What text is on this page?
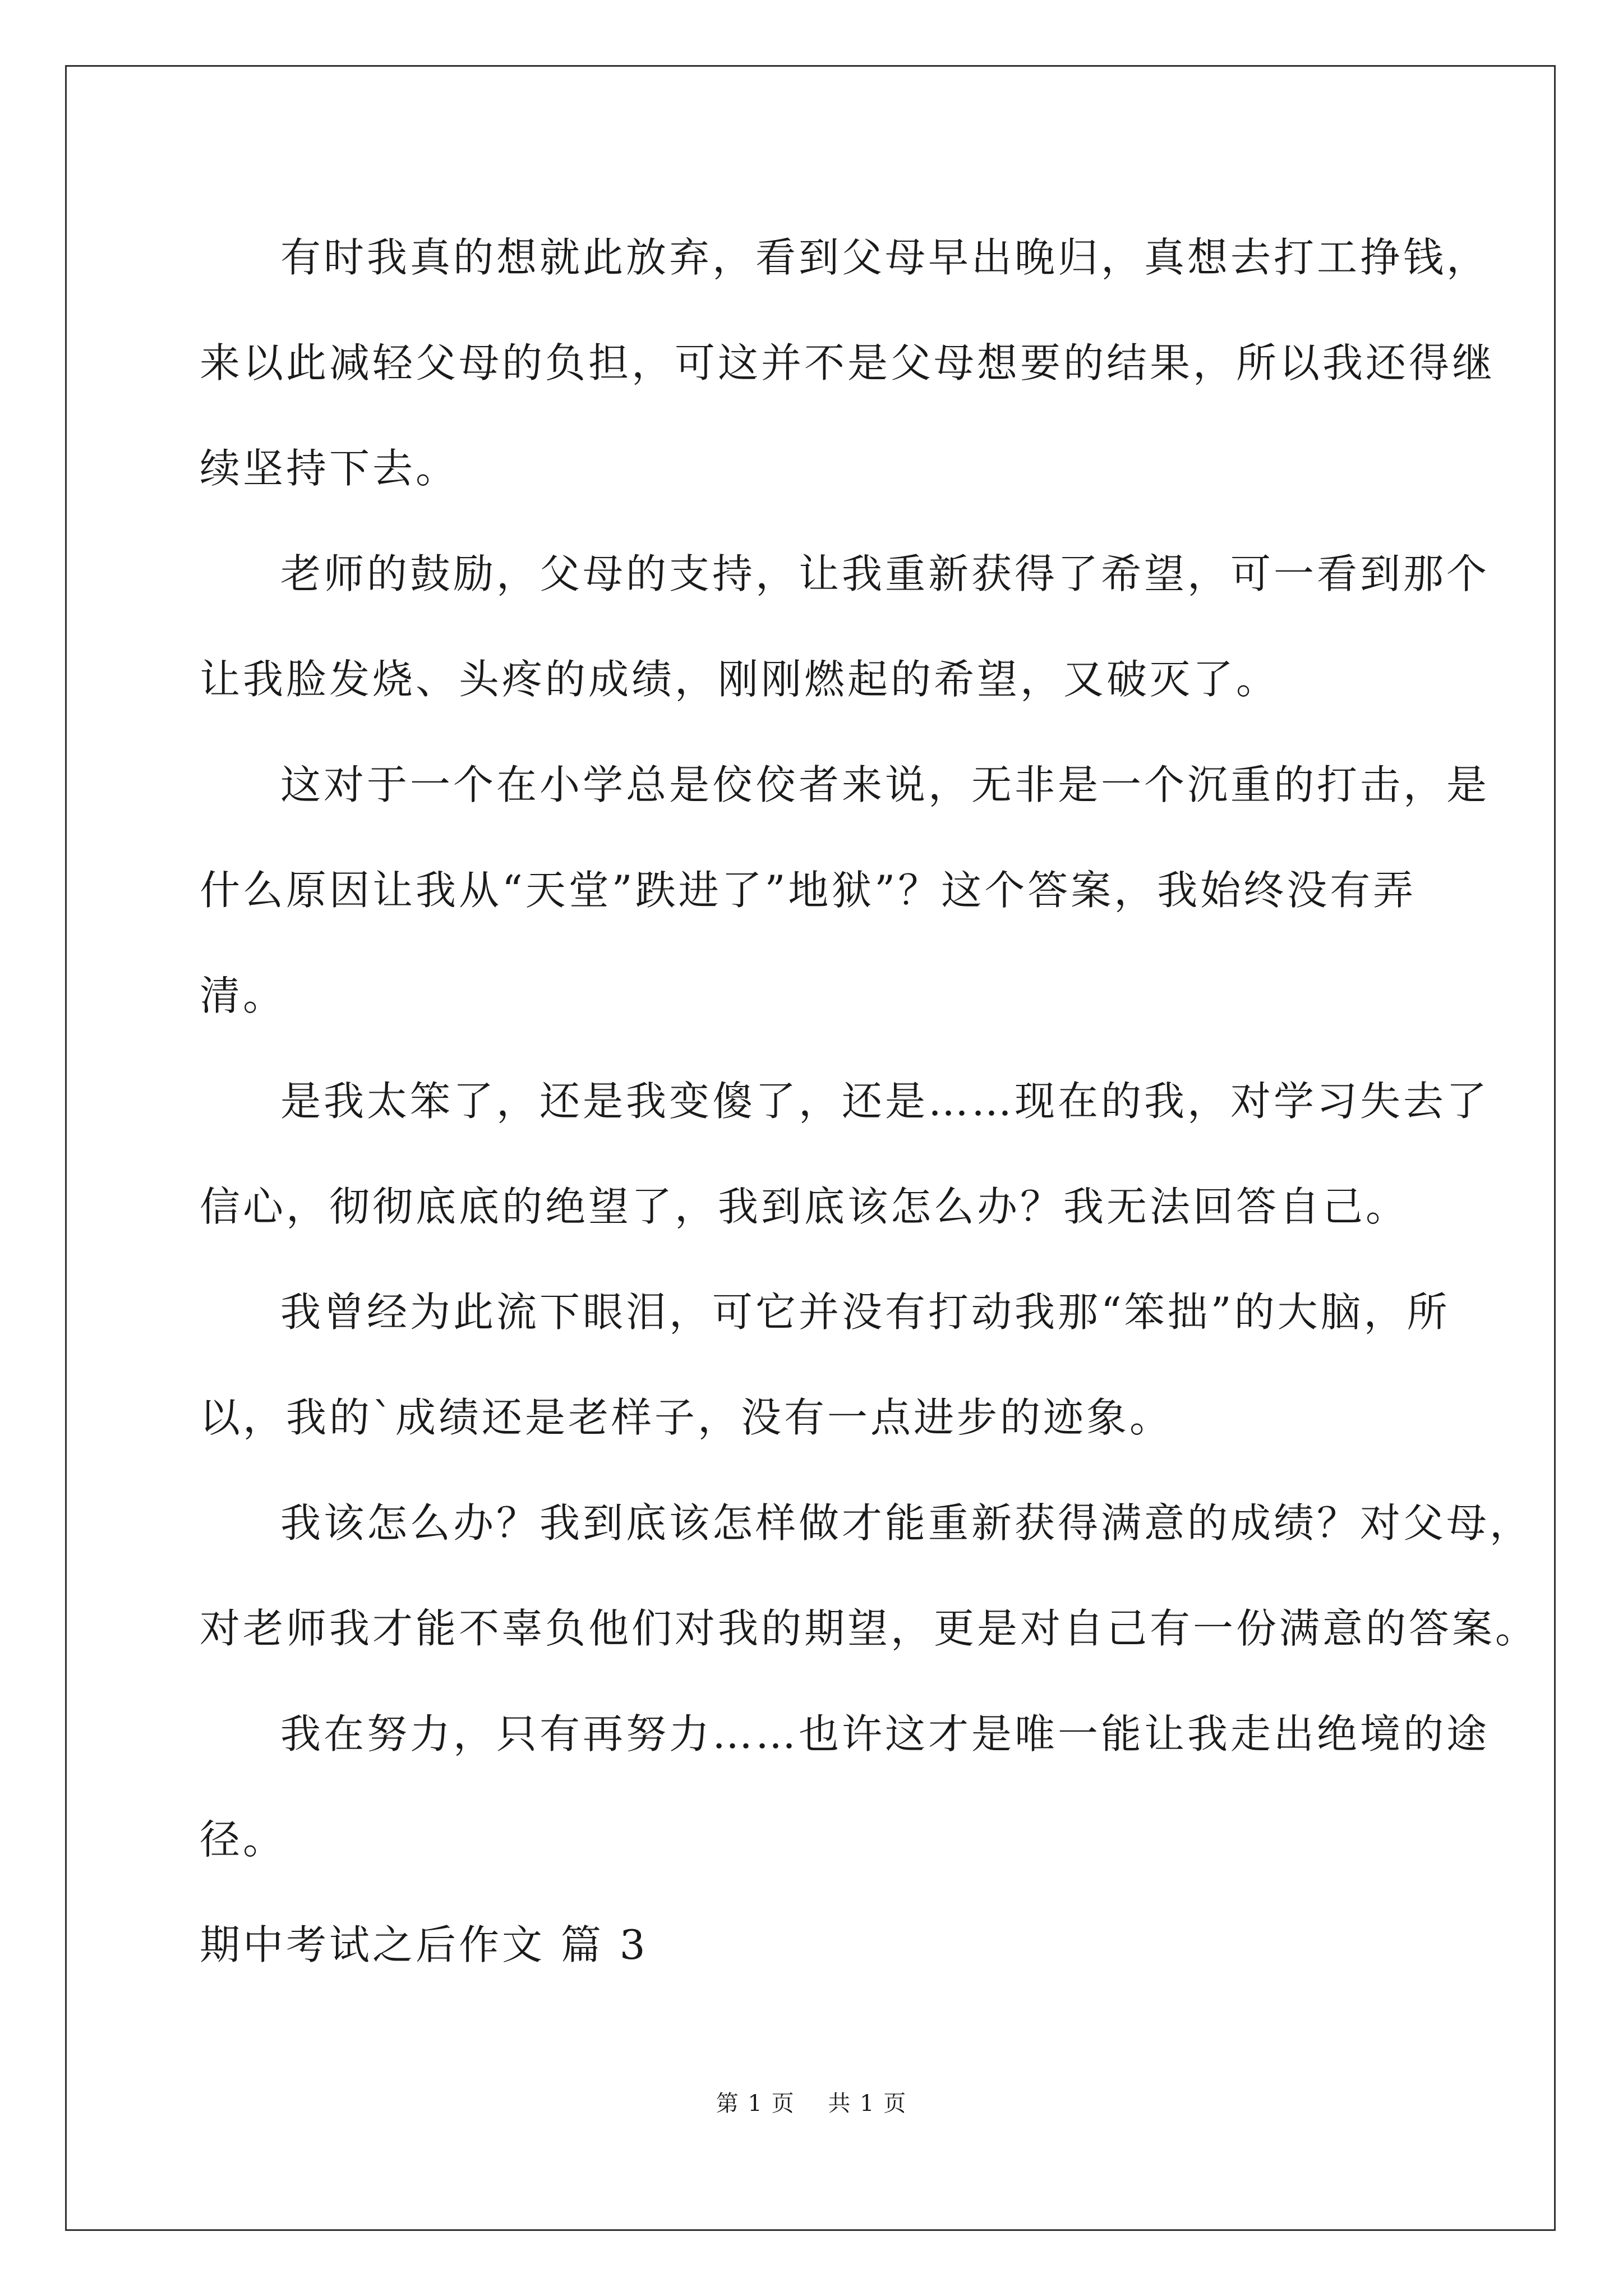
有时我真的想就此放弃，看到父母早出晚归，真想去打工挣钱，
来以此减轻父母的负担，可这并不是父母想要的结果，所以我还得继
续坚持下去。
老师的鼓励，父母的支持，让我重新获得了希望，可一看到那个
让我脸发烧、头疼的成绩，刚刚燃起的希望，又破灭了。
这对于一个在小学总是佼佼者来说，无非是一个沉重的打击，是
什么原因让我从“天堂”跌进了”地狱”？这个答案，我始终没有弄
清。
是我太笨了，还是我变傻了，还是……现在的我，对学习失去了
信心，彻彻底底的绝望了，我到底该怎么办？我无法回答自己。
我曾经为此流下眼泪，可它并没有打动我那“笨拙”的大脑，所
以，我的`成绩还是老样子，没有一点进步的迹象。
我该怎么办？我到底该怎样做才能重新获得满意的成绩？对父母，
对老师我才能不辜负他们对我的期望，更是对自己有一份满意的答案。
我在努力，只有再努力……也许这才是唯一能让我走出绝境的途
径。
期中考试之后作文 篇 3
第 1 页    共 1 页
